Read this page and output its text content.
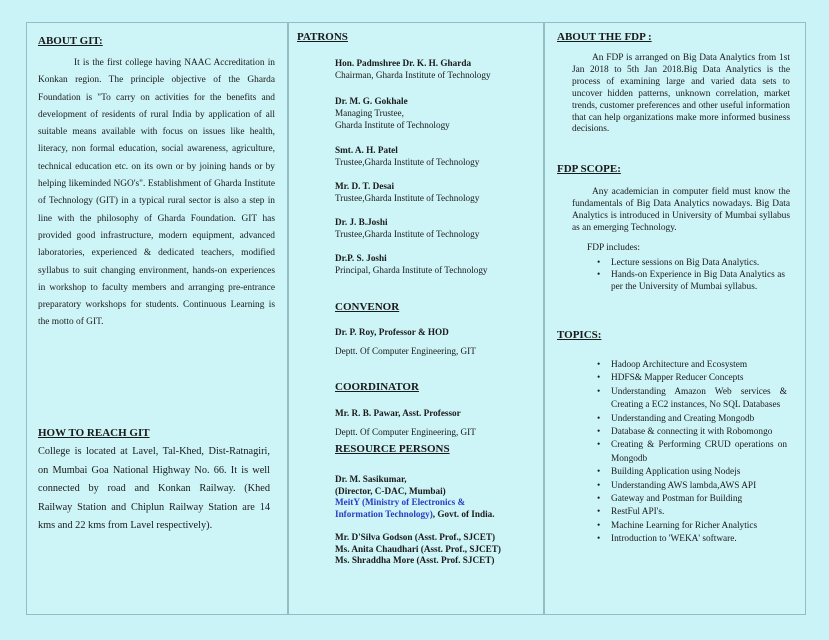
ABOUT GIT:
It is the first college having NAAC Accreditation in Konkan region. The principle objective of the Gharda Foundation is "To carry on activities for the benefits and development of residents of rural India by application of all suitable means available with focus on issues like health, literacy, non formal education, social awareness, agriculture, technical education etc. on its own or by joining hands or by helping likeminded NGO's". Establishment of Gharda Institute of Technology (GIT) in a typical rural sector is also a step in line with the philosophy of Gharda Foundation. GIT has provided good infrastructure, modern equipment, advanced laboratories, experienced & dedicated teachers, modified syllabus to suit changing environment, hands-on experiences in workshop to faculty members and arranging pre-entrance preparatory workshops for students. Continuous Learning is the motto of GIT.
HOW TO REACH GIT
College is located at Lavel, Tal-Khed, Dist-Ratnagiri, on Mumbai Goa National Highway No. 66. It is well connected by road and Konkan Railway. (Khed Railway Station and Chiplun Railway Station are 14 kms and 22 kms from Lavel respectively).
PATRONS
Hon. Padmshree Dr. K. H. Gharda
Chairman, Gharda Institute of Technology
Dr. M. G. Gokhale
Managing Trustee,
Gharda Institute of Technology
Smt. A. H. Patel
Trustee,Gharda Institute of Technology
Mr. D. T. Desai
Trustee,Gharda Institute of Technology
Dr. J. B.Joshi
Trustee,Gharda Institute of Technology
Dr.P. S. Joshi
Principal, Gharda Institute of Technology
CONVENOR
Dr. P. Roy, Professor & HOD
Deptt. Of Computer Engineering, GIT
COORDINATOR
Mr. R. B. Pawar, Asst. Professor
Deptt. Of Computer Engineering, GIT
RESOURCE PERSONS
Dr. M. Sasikumar,
(Director, C-DAC, Mumbai)
MeitY (Ministry of Electronics &
Information Technology), Govt. of India.
Mr. D'Silva Godson (Asst. Prof., SJCET)
Ms. Anita Chaudhari (Asst. Prof., SJCET)
Ms. Shraddha More (Asst. Prof. SJCET)
ABOUT THE FDP :
An FDP is arranged on Big Data Analytics from 1st Jan 2018 to 5th Jan 2018.Big Data Analytics is the process of examining large and varied data sets to uncover hidden patterns, unknown correlation, market trends, customer preferences and other useful information that can help organizations make more informed business decisions.
FDP SCOPE:
Any academician in computer field must know the fundamentals of Big Data Analytics nowadays. Big Data Analytics is introduced in University of Mumbai syllabus as an emerging Technology.
FDP includes:
• Lecture sessions on Big Data Analytics.
• Hands-on Experience in Big Data Analytics as per the University of Mumbai syllabus.
TOPICS:
• Hadoop Architecture and Ecosystem
• HDFS& Mapper Reducer Concepts
• Understanding Amazon Web services & Creating a EC2 instances, No SQL Databases
• Understanding and Creating Mongodb
• Database & connecting it with Robomongo
• Creating & Performing CRUD operations on Mongodb
• Building Application using Nodejs
• Understanding AWS lambda,AWS API
• Gateway and Postman for Building
• RestFul API's.
• Machine Learning for Richer Analytics
• Introduction to 'WEKA' software.
